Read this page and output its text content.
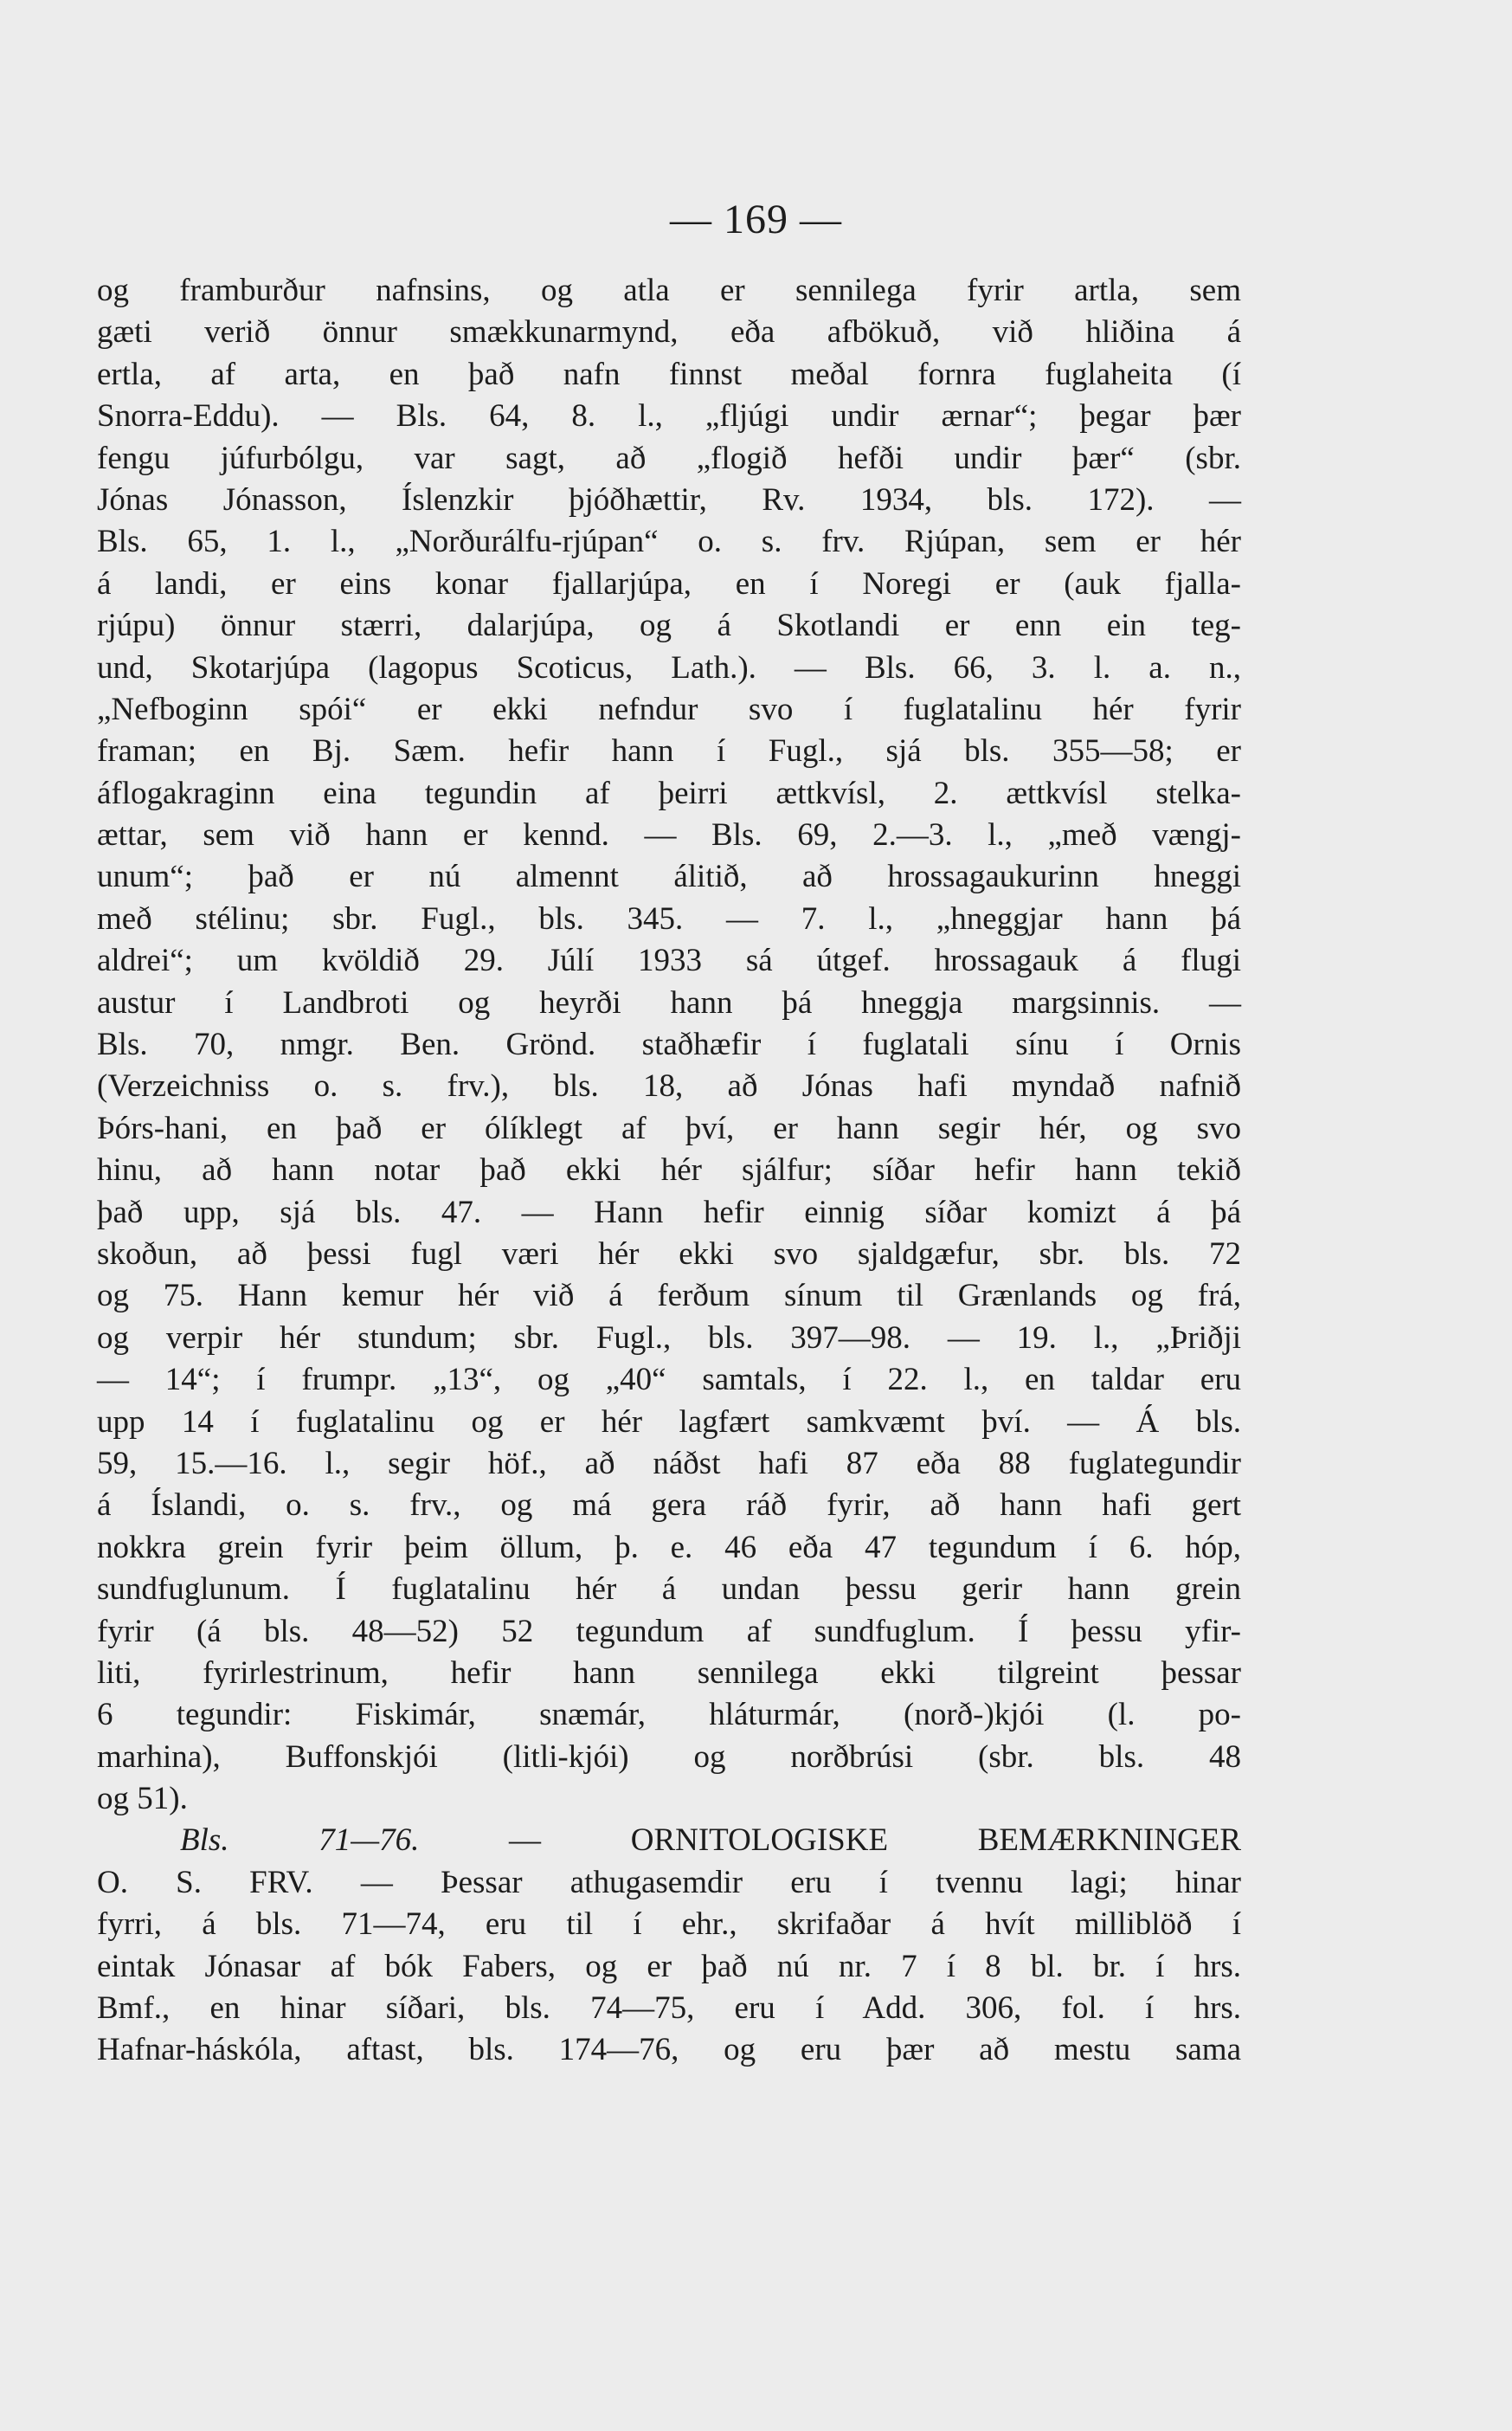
— 169 —
og framburður nafnsins, og atla er sennilega fyrir artla, sem
gæti verið önnur smækkunarmynd, eða afbökuð, við hliðina á
ertla, af arta, en það nafn finnst meðal fornra fuglaheita (í
Snorra-Eddu). — Bls. 64, 8. l., „fljúgi undir ærnar“; þegar þær
fengu júfurbólgu, var sagt, að „flogið hefði undir þær“ (sbr.
Jónas Jónasson, Íslenzkir þjóðhættir, Rv. 1934, bls. 172). —
Bls. 65, 1. l., „Norðurálfu-rjúpan“ o. s. frv. Rjúpan, sem er hér
á landi, er eins konar fjallarjúpa, en í Noregi er (auk fjalla-
rjúpu) önnur stærri, dalarjúpa, og á Skotlandi er enn ein teg-
und, Skotarjúpa (lagopus Scoticus, Lath.). — Bls. 66, 3. l. a. n.,
„Nefboginn spói“ er ekki nefndur svo í fuglatalinu hér fyrir
framan; en Bj. Sæm. hefir hann í Fugl., sjá bls. 355—58; er
áflogakraginn eina tegundin af þeirri ættkvísl, 2. ættkvísl stelka-
ættar, sem við hann er kennd. — Bls. 69, 2.—3. l., „með vængj-
unum“; það er nú almennt álitið, að hrossagaukurinn hneggi
með stélinu; sbr. Fugl., bls. 345. — 7. l., „hneggjar hann þá
aldrei“; um kvöldið 29. Júlí 1933 sá útgef. hrossagauk á flugi
austur í Landbroti og heyrði hann þá hneggja margsinnis. —
Bls. 70, nmgr. Ben. Grönd. staðhæfir í fuglatali sínu í Ornis
(Verzeichniss o. s. frv.), bls. 18, að Jónas hafi myndað nafnið
Þórs-hani, en það er ólíklegt af því, er hann segir hér, og svo
hinu, að hann notar það ekki hér sjálfur; síðar hefir hann tekið
það upp, sjá bls. 47. — Hann hefir einnig síðar komizt á þá
skoðun, að þessi fugl væri hér ekki svo sjaldgæfur, sbr. bls. 72
og 75. Hann kemur hér við á ferðum sínum til Grænlands og frá,
og verpir hér stundum; sbr. Fugl., bls. 397—98. — 19. l., „Þriðji
— 14“; í frumpr. „13“, og „40“ samtals, í 22. l., en taldar eru
upp 14 í fuglatalinu og er hér lagfært samkvæmt því. — Á bls.
59, 15.—16. l., segir höf., að náðst hafi 87 eða 88 fuglategundir
á Íslandi, o. s. frv., og má gera ráð fyrir, að hann hafi gert
nokkra grein fyrir þeim öllum, þ. e. 46 eða 47 tegundum í 6. hóp,
sundfuglunum. Í fuglatalinu hér á undan þessu gerir hann grein
fyrir (á bls. 48—52) 52 tegundum af sundfuglum. Í þessu yfir-
liti, fyrirlestrinum, hefir hann sennilega ekki tilgreint þessar
6 tegundir: Fiskimár, snæmár, hláturmár, (norð-)kjói (l. po-
marhina), Buffonskjói (litli-kjói) og norðbrúsi (sbr. bls. 48
og 51).
Bls. 71—76. — ORNITOLOGISKE BEMÆRKNINGER
O. S. FRV. — Þessar athugasemdir eru í tvennu lagi; hinar
fyrri, á bls. 71—74, eru til í ehr., skrifaðar á hvít milliblöð í
eintak Jónasar af bók Fabers, og er það nú nr. 7 í 8 bl. br. í hrs.
Bmf., en hinar síðari, bls. 74—75, eru í Add. 306, fol. í hrs.
Hafnar-háskóla, aftast, bls. 174—76, og eru þær að mestu sama
